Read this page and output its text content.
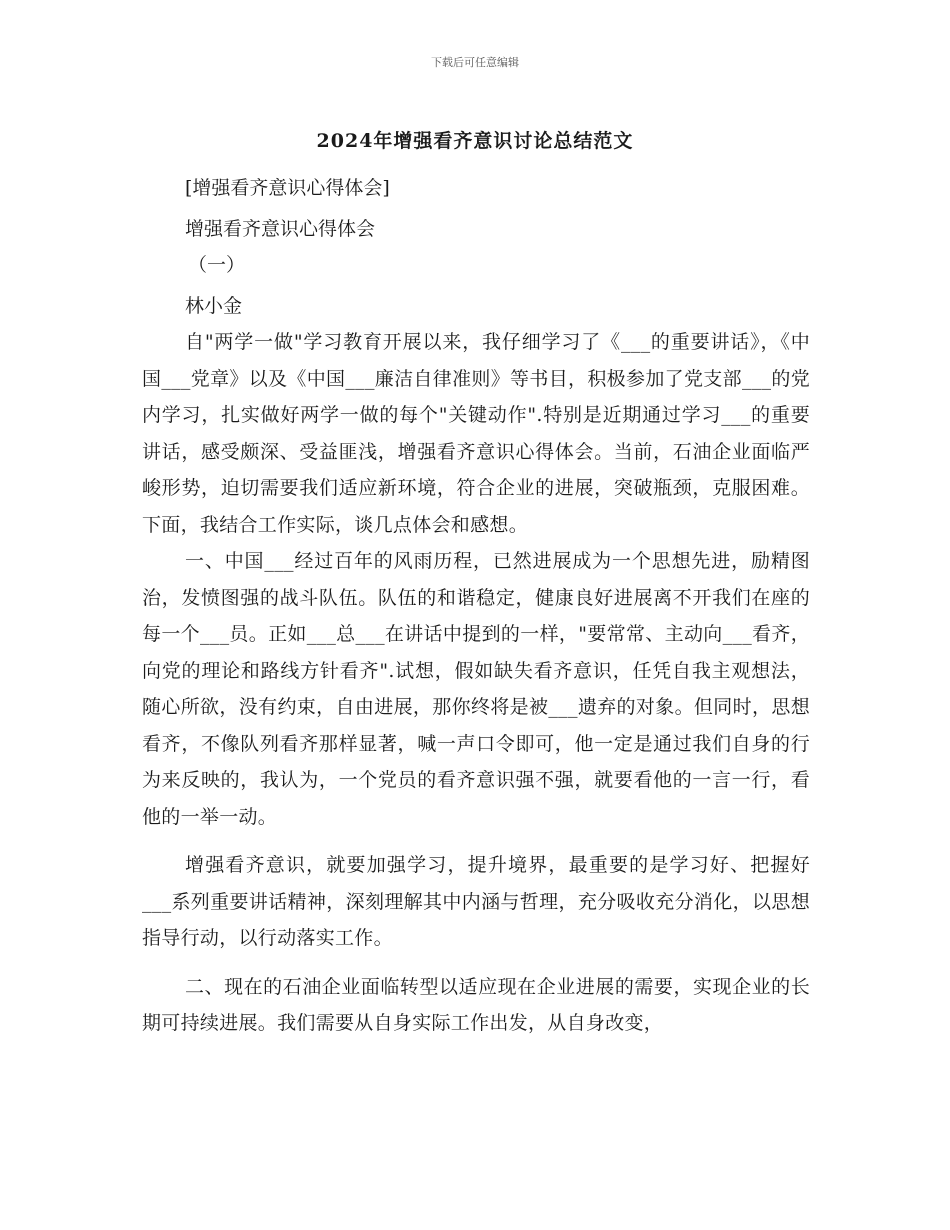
下载后可任意编辑
2024年增强看齐意识讨论总结范文
[增强看齐意识心得体会]
增强看齐意识心得体会
（一）
林小金

自"两学一做"学习教育开展以来，我仔细学习了《___的重要讲话》，《中国___党章》以及《中国___廉洁自律准则》等书目，积极参加了党支部___的党内学习，扎实做好两学一做的每个"关键动作".特别是近期通过学习___的重要讲话，感受颇深、受益匪浅，增强看齐意识心得体会。当前，石油企业面临严峻形势，迫切需要我们适应新环境，符合企业的进展，突破瓶颈，克服困难。下面，我结合工作实际，谈几点体会和感想。

一、中国___经过百年的风雨历程，已然进展成为一个思想先进，励精图治，发愤图强的战斗队伍。队伍的和谐稳定，健康良好进展离不开我们在座的每一个___员。正如___总___在讲话中提到的一样，"要常常、主动向___看齐，向党的理论和路线方针看齐".试想，假如缺失看齐意识，任凭自我主观想法，随心所欲，没有约束，自由进展，那你终将是被___遗弃的对象。但同时，思想看齐，不像队列看齐那样显著，喊一声口令即可，他一定是通过我们自身的行为来反映的，我认为，一个党员的看齐意识强不强，就要看他的一言一行，看他的一举一动。

增强看齐意识，就要加强学习，提升境界，最重要的是学习好、把握好___系列重要讲话精神，深刻理解其中内涵与哲理，充分吸收充分消化，以思想指导行动，以行动落实工作。

二、现在的石油企业面临转型以适应现在企业进展的需要，实现企业的长期可持续进展。我们需要从自身实际工作出发，从自身改变，
